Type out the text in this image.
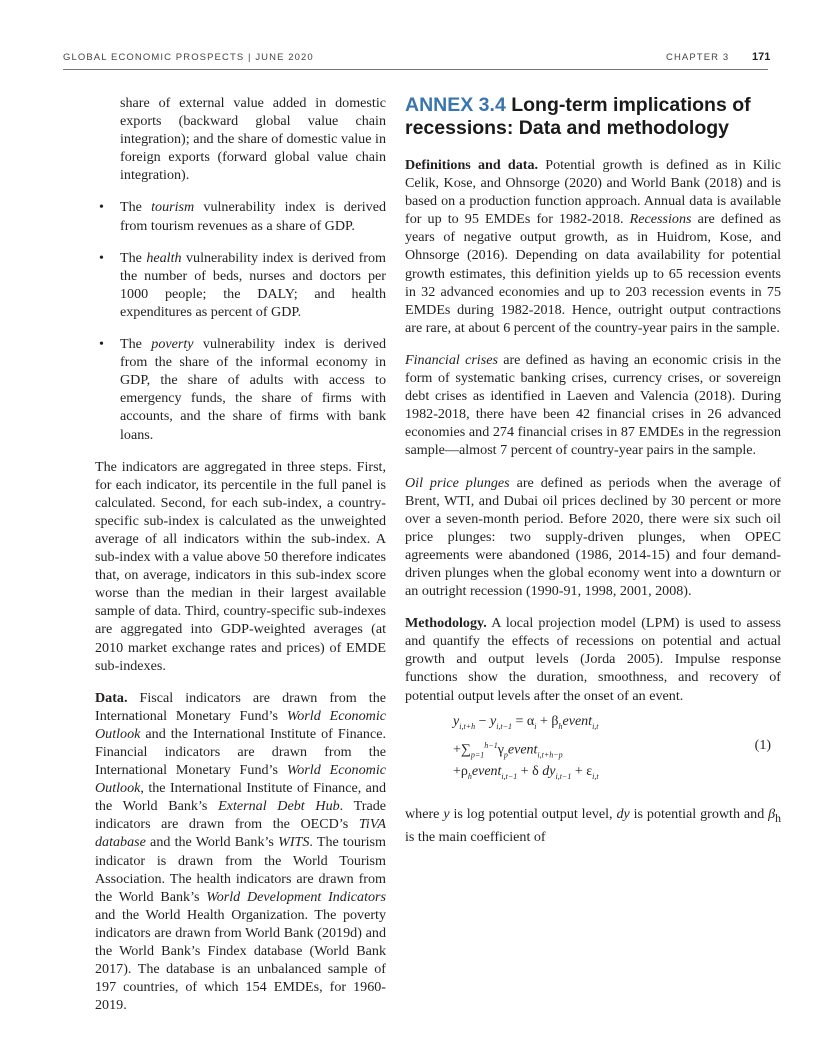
GLOBAL ECONOMIC PROSPECTS | JUNE 2020	CHAPTER 3 171

share of external value added in domestic exports (backward global value chain integration); and the share of domestic value in foreign exports (forward global value chain integration).

• The tourism vulnerability index is derived from tourism revenues as a share of GDP.

• The health vulnerability index is derived from the number of beds, nurses and doctors per 1000 people; the DALY; and health expenditures as percent of GDP.

• The poverty vulnerability index is derived from the share of the informal economy in GDP, the share of adults with access to emergency funds, the share of firms with accounts, and the share of firms with bank loans.

The indicators are aggregated in three steps. First, for each indicator, its percentile in the full panel is calculated. Second, for each sub-index, a country-specific sub-index is calculated as the unweighted average of all indicators within the sub-index. A sub-index with a value above 50 therefore indicates that, on average, indicators in this sub-index score worse than the median in their largest available sample of data. Third, country-specific sub-indexes are aggregated into GDP-weighted averages (at 2010 market exchange rates and prices) of EMDE sub-indexes.

Data. Fiscal indicators are drawn from the International Monetary Fund’s World Economic Outlook and the International Institute of Finance. Financial indicators are drawn from the International Monetary Fund’s World Economic Outlook, the International Institute of Finance, and the World Bank’s External Debt Hub. Trade indicators are drawn from the OECD’s TiVA database and the World Bank’s WITS. The tourism indicator is drawn from the World Tourism Association. The health indicators are drawn from the World Bank’s World Development Indicators and the World Health Organization. The poverty indicators are drawn from World Bank (2019d) and the World Bank’s Findex database (World Bank 2017). The database is an unbalanced sample of 197 countries, of which 154 EMDEs, for 1960-2019.

ANNEX 3.4 Long-term implications of recessions: Data and methodology

Definitions and data. Potential growth is defined as in Kilic Celik, Kose, and Ohnsorge (2020) and World Bank (2018) and is based on a production function approach. Annual data is available for up to 95 EMDEs for 1982-2018. Recessions are defined as years of negative output growth, as in Huidrom, Kose, and Ohnsorge (2016). Depending on data availability for potential growth estimates, this definition yields up to 65 recession events in 32 advanced economies and up to 203 recession events in 75 EMDEs during 1982-2018. Hence, outright output contractions are rare, at about 6 percent of the country-year pairs in the sample.

Financial crises are defined as having an economic crisis in the form of systematic banking crises, currency crises, or sovereign debt crises as identified in Laeven and Valencia (2018). During 1982-2018, there have been 42 financial crises in 26 advanced economies and 274 financial crises in 87 EMDEs in the regression sample—almost 7 percent of country-year pairs in the sample.

Oil price plunges are defined as periods when the average of Brent, WTI, and Dubai oil prices declined by 30 percent or more over a seven-month period. Before 2020, there were six such oil price plunges: two supply-driven plunges, when OPEC agreements were abandoned (1986, 2014-15) and four demand-driven plunges when the global economy went into a downturn or an outright recession (1990-91, 1998, 2001, 2008).

Methodology. A local projection model (LPM) is used to assess and quantify the effects of recessions on potential and actual growth and output levels (Jorda 2005). Impulse response functions show the duration, smoothness, and recovery of potential output levels after the onset of an event.

$y_{i,t+h} - y_{i,t-1} = \alpha_i$ + $\beta_hevent_{i,t}$
$+\sum_{p=1}^{h-1}\gamma_pevent_{i,t+h-p}$
$+\rho_hevent_{i,t-1} + \delta$ $dy_{i,t-1} + \varepsilon_{i,t}$
(1)

where y is log potential output level, dy is potential growth and $\beta_h$ is the main coefficient of
